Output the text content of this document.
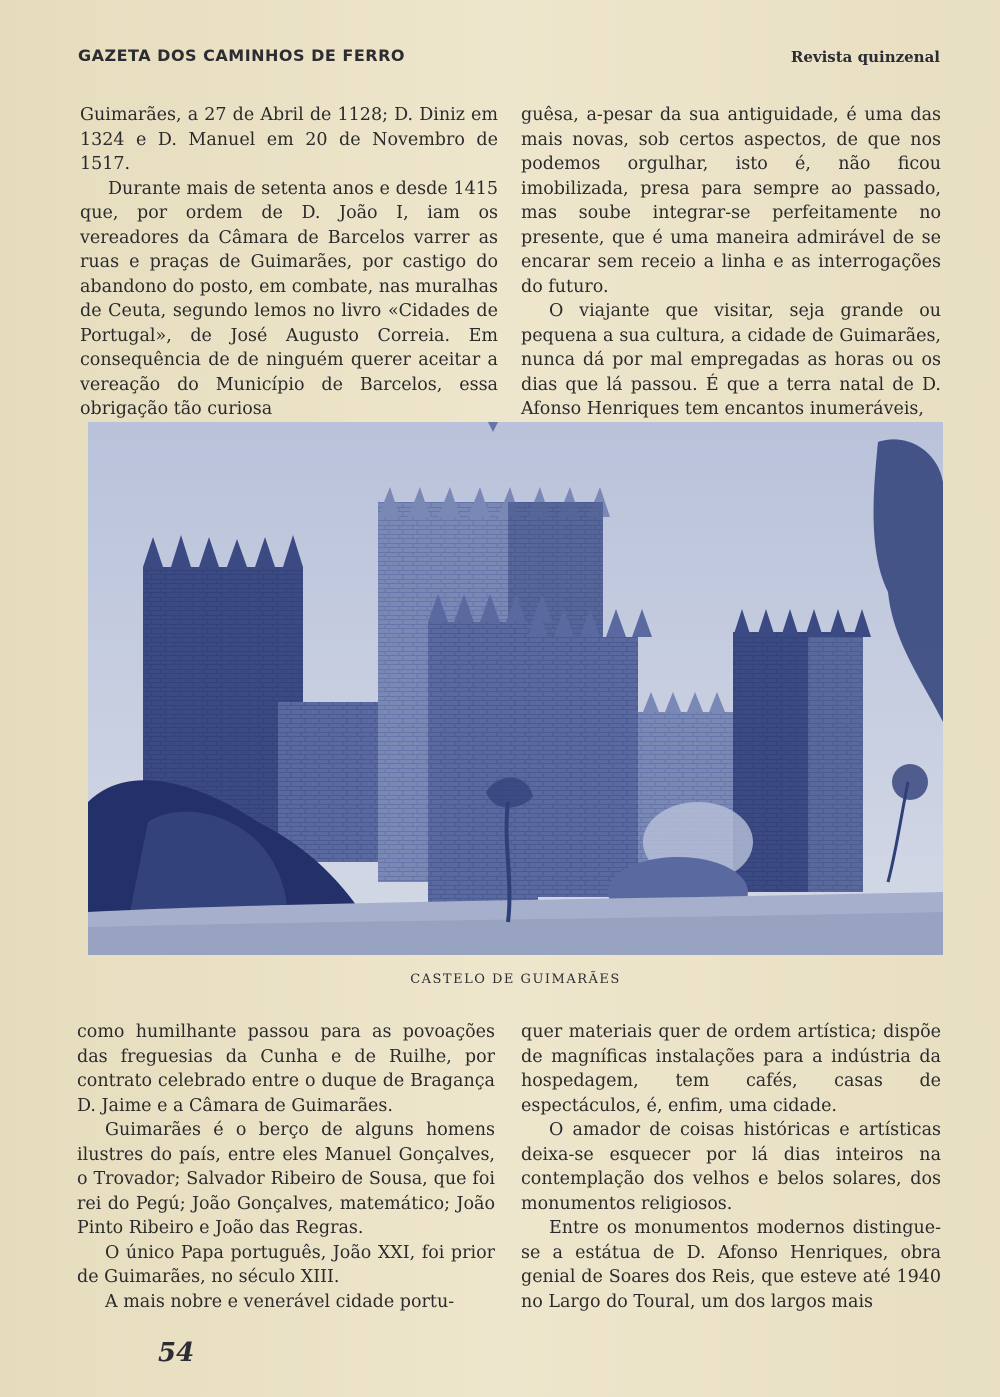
GAZETA DOS CAMINHOS DE FERRO	Revista quinzenal

Guimarães, a 27 de Abril de 1128; D. Diniz em 1324 e D. Manuel em 20 de Novembro de 1517.

Durante mais de setenta anos e desde 1415 que, por ordem de D. João I, iam os vereadores da Câmara de Barcelos varrer as ruas e praças de Guimarães, por castigo do abandono do posto, em combate, nas muralhas de Ceuta, segundo lemos no livro «Cidades de Portugal», de José Augusto Correia. Em consequência de de ninguém querer aceitar a vereação do Município de Barcelos, essa obrigação tão curiosa

guêsa, a-pesar da sua antiguidade, é uma das mais novas, sob certos aspectos, de que nos podemos orgulhar, isto é, não ficou imobilizada, presa para sempre ao passado, mas soube integrar-se perfeitamente no presente, que é uma maneira admirável de se encarar sem receio a linha e as interrogações do futuro.

O viajante que visitar, seja grande ou pequena a sua cultura, a cidade de Guimarães, nunca dá por mal empregadas as horas ou os dias que lá passou. É que a terra natal de D. Afonso Henriques tem encantos inumeráveis,

CASTELO DE GUIMARÃES

como humilhante passou para as povoações das freguesias da Cunha e de Ruilhe, por contrato celebrado entre o duque de Bragança D. Jaime e a Câmara de Guimarães.

Guimarães é o berço de alguns homens ilustres do país, entre eles Manuel Gonçalves, o Trovador; Salvador Ribeiro de Sousa, que foi rei do Pegú; João Gonçalves, matemático; João Pinto Ribeiro e João das Regras.

O único Papa português, João XXI, foi prior de Guimarães, no século XIII.

A mais nobre e venerável cidade portu-

quer materiais quer de ordem artística; dispõe de magníficas instalações para a indústria da hospedagem, tem cafés, casas de espectáculos, é, enfim, uma cidade.

O amador de coisas históricas e artísticas deixa-se esquecer por lá dias inteiros na contemplação dos velhos e belos solares, dos monumentos religiosos.

Entre os monumentos modernos distingue-se a estátua de D. Afonso Henriques, obra genial de Soares dos Reis, que esteve até 1940 no Largo do Toural, um dos largos mais

54
